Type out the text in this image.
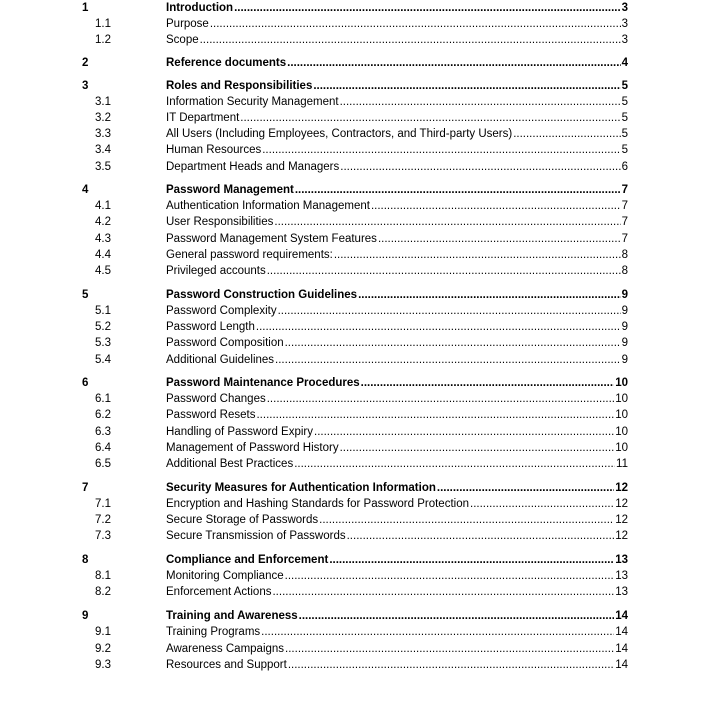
1	Introduction .....	3
1.1	Purpose .....	3
1.2	Scope .....	3
2	Reference documents .....	4
3	Roles and Responsibilities .....	5
3.1	Information Security Management .....	5
3.2	IT Department .....	5
3.3	All Users (Including Employees, Contractors, and Third-party Users) .....	5
3.4	Human Resources .....	5
3.5	Department Heads and Managers .....	6
4	Password Management .....	7
4.1	Authentication Information Management .....	7
4.2	User Responsibilities .....	7
4.3	Password Management System Features .....	7
4.4	General password requirements: .....	8
4.5	Privileged accounts .....	8
5	Password Construction Guidelines .....	9
5.1	Password Complexity .....	9
5.2	Password Length .....	9
5.3	Password Composition .....	9
5.4	Additional Guidelines .....	9
6	Password Maintenance Procedures .....	10
6.1	Password Changes .....	10
6.2	Password Resets .....	10
6.3	Handling of Password Expiry .....	10
6.4	Management of Password History .....	10
6.5	Additional Best Practices .....	11
7	Security Measures for Authentication Information .....	12
7.1	Encryption and Hashing Standards for Password Protection .....	12
7.2	Secure Storage of Passwords .....	12
7.3	Secure Transmission of Passwords .....	12
8	Compliance and Enforcement .....	13
8.1	Monitoring Compliance .....	13
8.2	Enforcement Actions .....	13
9	Training and Awareness .....	14
9.1	Training Programs .....	14
9.2	Awareness Campaigns .....	14
9.3	Resources and Support .....	14
